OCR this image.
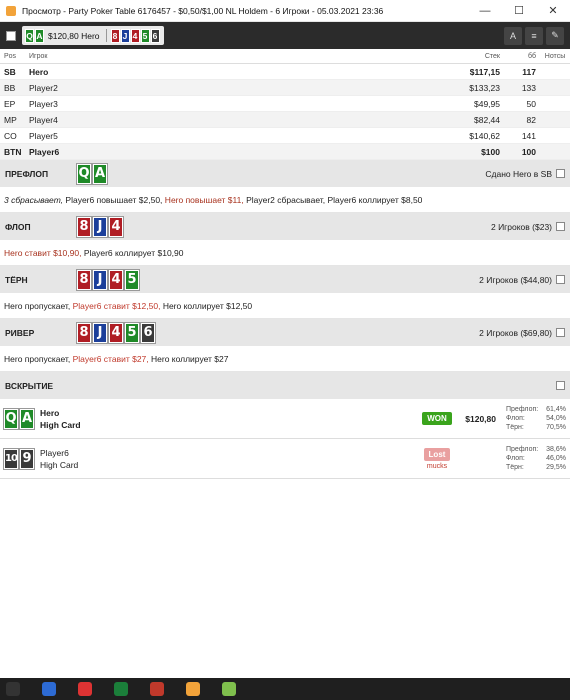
Просмотр - Party Poker Table 6176457 - $0,50/$1,00 NL Holdem - 6 Игроки - 05.03.2021 23:36	—	☐	✕
Q A $120,80 Hero 8 J 4 5 6	A	≡	✎
Pos	Игрок	Стек	бб	Нотсы
SB	Hero	$117,15	117
BB	Player2	$133,23	133
EP	Player3	$49,95	50
MP	Player4	$82,44	82
CO	Player5	$140,62	141
BTN Player6	$100	100
ПРЕФЛОП	Q A	Сдано Hero в SB
3 сбрасывает, Player6 повышает $2,50, Hero повышает $11, Player2 сбрасывает, Player6 коллирует $8,50
ФЛОП	8 J 4	2 Игроков ($23)
Hero ставит $10,90, Player6 коллирует $10,90
ТЁРН	8 J 4 5	2 Игроков ($44,80)
Hero пропускает, Player6 ставит $12,50, Hero коллирует $12,50
РИВЕР	8 J 4 5 6	2 Игроков ($69,80)
Hero пропускает, Player6 ставит $27, Hero коллирует $27
ВСКРЫТИЕ
Q A Hero
High Card
WON	$120,80
Префлоп: 61,4%
Флоп:	54,0%
Тёрн:	70,5%
10 9 Player6
High Card
Lost
mucks
Префлоп: 38,6%
Флоп:	46,0%
Тёрн:	29,5%
